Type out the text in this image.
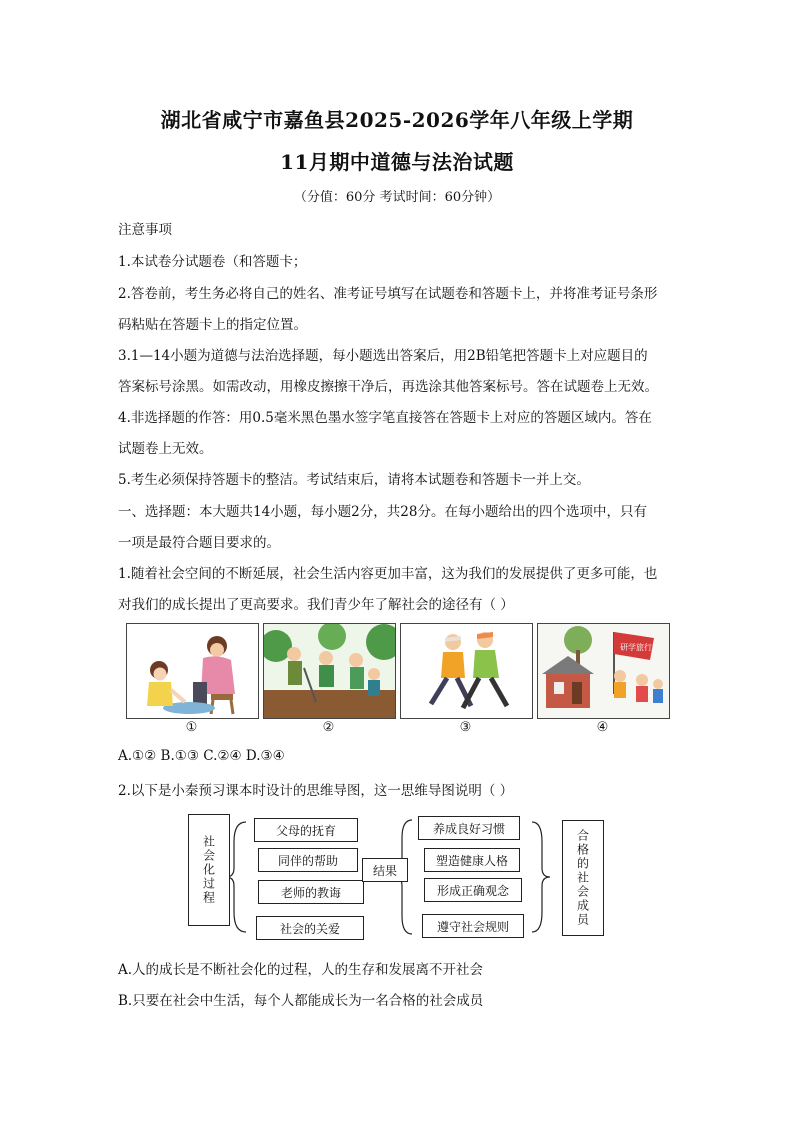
湖北省咸宁市嘉鱼县2025-2026学年八年级上学期
11月期中道德与法治试题
（分值：60分 考试时间：60分钟）
注意事项
1.本试卷分试题卷（和答题卡；
2.答卷前，考生务必将自己的姓名、准考证号填写在试题卷和答题卡上，并将准考证号条形
码粘贴在答题卡上的指定位置。
3.1—14小题为道德与法治选择题，每小题选出答案后，用2B铅笔把答题卡上对应题目的
答案标号涂黑。如需改动，用橡皮擦擦干净后，再选涂其他答案标号。答在试题卷上无效。
4.非选择题的作答：用0.5毫米黑色墨水签字笔直接答在答题卡上对应的答题区域内。答在
试题卷上无效。
5.考生必须保持答题卡的整洁。考试结束后，请将本试题卷和答题卡一并上交。
一、选择题：本大题共14小题，每小题2分，共28分。在每小题给出的四个选项中，只有
一项是最符合题目要求的。
1.随着社会空间的不断延展，社会生活内容更加丰富，这为我们的发展提供了更多可能，也
对我们的成长提出了更高要求。我们青少年了解社会的途径有（ ）
研学旅行
①	②	③	④
A.①② B.①③ C.②④ D.③④
2.以下是小秦预习课本时设计的思维导图，这一思维导图说明（ ）
社会化过程
父母的抚育
同伴的帮助
老师的教诲
社会的关爱
结果
养成良好习惯
塑造健康人格
形成正确观念
遵守社会规则	合格的社会成员
A.人的成长是不断社会化的过程，人的生存和发展离不开社会
B.只要在社会中生活，每个人都能成长为一名合格的社会成员
